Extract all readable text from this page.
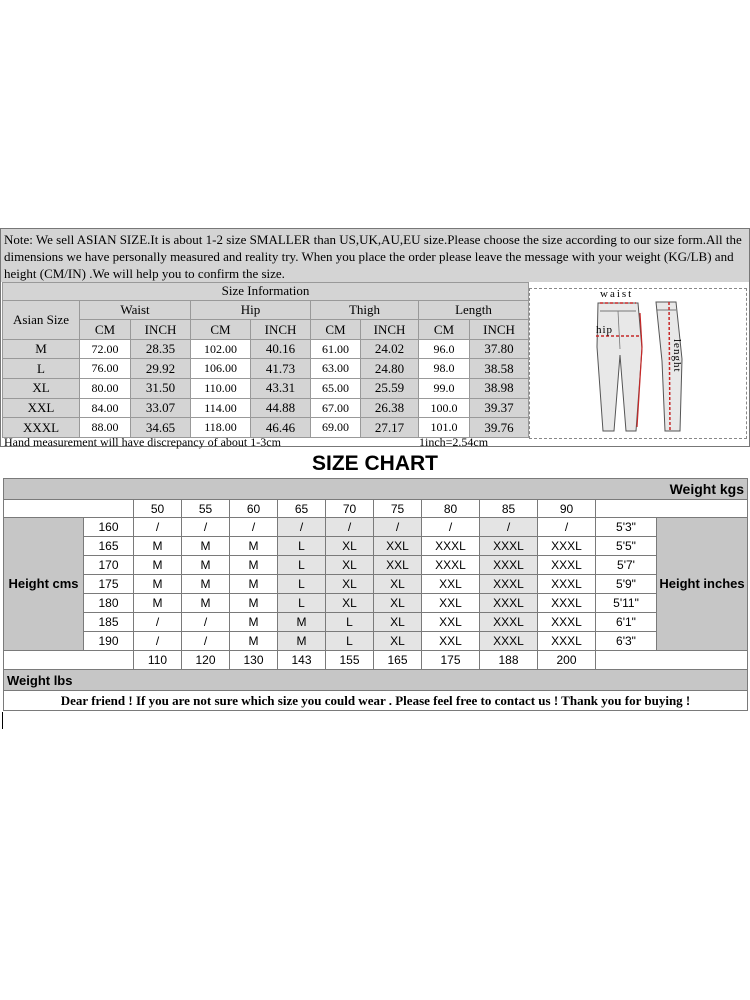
Note: We sell ASIAN SIZE.It is about 1-2 size SMALLER than US,UK,AU,EU size.Please choose the size according to our size form.All the dimensions we have personally measured and reality try. When you place the order please leave the message with your weight (KG/LB) and height (CM/IN) .We will help you to confirm the size.
Size Information								
Asian Size	Waist		Hip		Thigh		Length	
	CM	INCH	CM	INCH	CM	INCH	CM	INCH
M	72.00	28.35	102.00	40.16	61.00	24.02	96.0	37.80
L	76.00	29.92	106.00	41.73	63.00	24.80	98.0	38.58
XL	80.00	31.50	110.00	43.31	65.00	25.59	99.0	38.98
XXL	84.00	33.07	114.00	44.88	67.00	26.38	100.0	39.37
XXXL	88.00	34.65	118.00	46.46	69.00	27.17	101.0	39.76
Hand measurement will have discrepancy of about 1-3cm	1inch=2.54cm
waist
hip
lenght
SIZE CHART
Weight kgs												
		50	55	60	65	70	75	80	85	90		
Height cms	160	/	/	/	/	/	/	/	/	/	5'3"	Height inches
	165	M	M	M	L	XL	XXL	XXXL	XXXL	XXXL	5'5"	
	170	M	M	M	L	XL	XXL	XXXL	XXXL	XXXL	5'7'	
	175	M	M	M	L	XL	XL	XXL	XXXL	XXXL	5'9"	
	180	M	M	M	L	XL	XL	XXL	XXXL	XXXL	5'11"	
	185	/	/	M	M	L	XL	XXL	XXXL	XXXL	6'1"	
	190	/	/	M	M	L	XL	XXL	XXXL	XXXL	6'3"	
		110	120	130	143	155	165	175	188	200		
Weight lbs												
Dear friend ! If you are not sure which size you could wear . Please feel free to contact us ! Thank you for buying !												
